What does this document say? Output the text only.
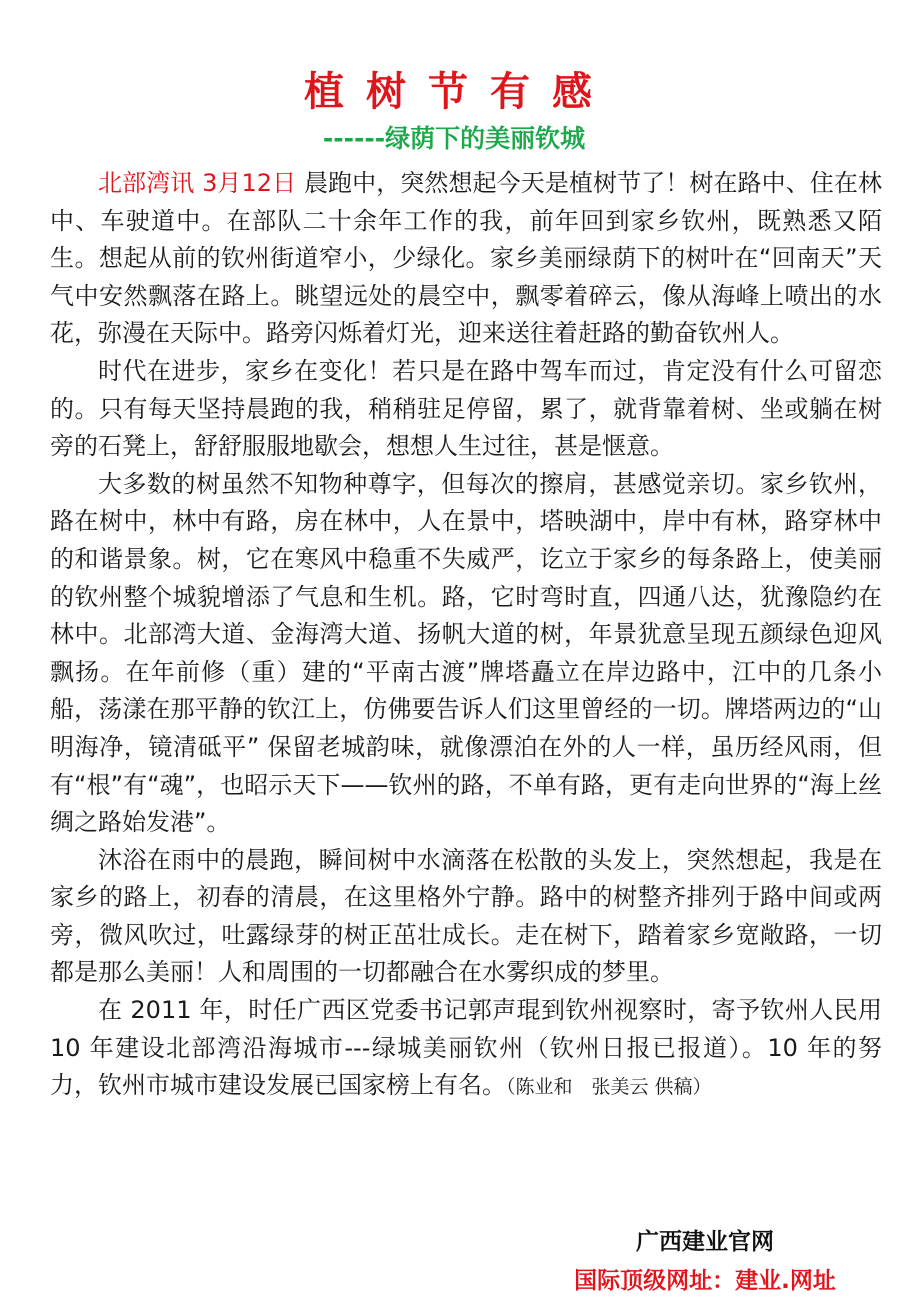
植树节有感
------绿荫下的美丽钦城

北部湾讯 3月12日 晨跑中，突然想起今天是植树节了！树在路中、住在林中、车驶道中。在部队二十余年工作的我，前年回到家乡钦州，既熟悉又陌生。想起从前的钦州街道窄小，少绿化。家乡美丽绿荫下的树叶在“回南天”天气中安然飘落在路上。眺望远处的晨空中，飘零着碎云，像从海峰上喷出的水花，弥漫在天际中。路旁闪烁着灯光，迎来送往着赶路的勤奋钦州人。

时代在进步，家乡在变化！若只是在路中驾车而过，肯定没有什么可留恋的。只有每天坚持晨跑的我，稍稍驻足停留，累了，就背靠着树、坐或躺在树旁的石凳上，舒舒服服地歇会，想想人生过往，甚是惬意。

大多数的树虽然不知物种尊字，但每次的擦肩，甚感觉亲切。家乡钦州，路在树中，林中有路，房在林中，人在景中，塔映湖中，岸中有林，路穿林中的和谐景象。树，它在寒风中稳重不失威严，讫立于家乡的每条路上，使美丽的钦州整个城貌增添了气息和生机。路，它时弯时直，四通八达，犹豫隐约在林中。北部湾大道、金海湾大道、扬帆大道的树，年景犹意呈现五颜绿色迎风飘扬。在年前修（重）建的“平南古渡”牌塔矗立在岸边路中，江中的几条小船，荡漾在那平静的钦江上，仿佛要告诉人们这里曾经的一切。牌塔两边的“山明海净，镜清砥平” 保留老城韵味，就像漂泊在外的人一样，虽历经风雨，但有“根”有“魂”，也昭示天下——钦州的路，不单有路，更有走向世界的“海上丝绸之路始发港”。

沐浴在雨中的晨跑，瞬间树中水滴落在松散的头发上，突然想起，我是在家乡的路上，初春的清晨，在这里格外宁静。路中的树整齐排列于路中间或两旁，微风吹过，吐露绿芽的树正茁壮成长。走在树下，踏着家乡宽敞路，一切都是那么美丽！人和周围的一切都融合在水雾织成的梦里。

在 2011 年，时任广西区党委书记郭声琨到钦州视察时，寄予钦州人民用 10 年建设北部湾沿海城市---绿城美丽钦州（钦州日报已报道）。10 年的努力，钦州市城市建设发展已国家榜上有名。（陈业和　张美云 供稿）

广西建业官网
国际顶级网址：建业.网址
